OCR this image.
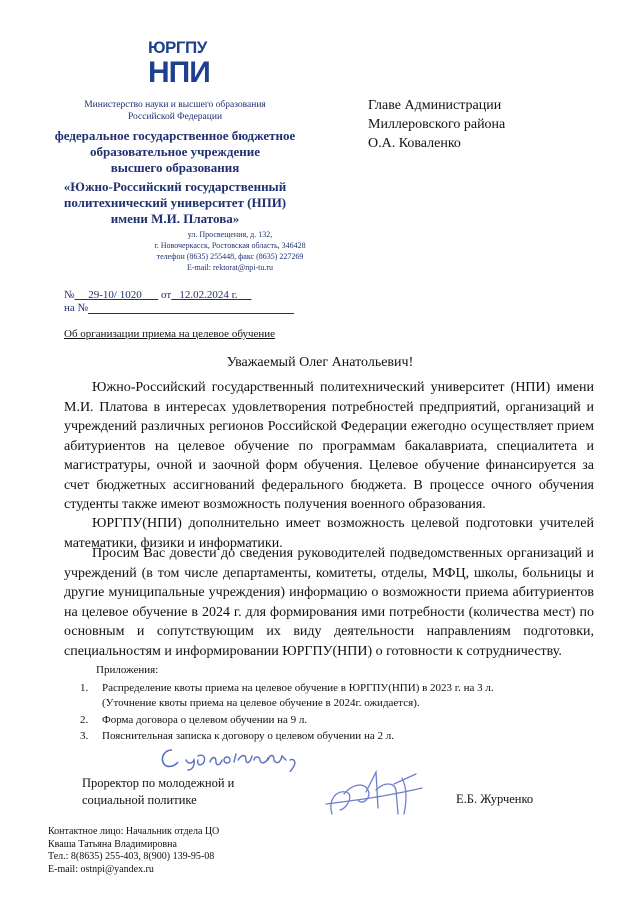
ЮРГПУ
НПИ
Министерство науки и высшего образования
Российской Федерации
федеральное государственное бюджетное
образовательное учреждение
высшего образования
«Южно-Российский государственный
политехнический университет (НПИ)
имени М.И. Платова»
ул. Просвещения, д. 132,
г. Новочеркасск, Ростовская область, 346428
телефон (8635) 255448, факс (8635) 227269
E-mail: rektorat@npi-tu.ru
Главе Администрации
Миллеровского района
О.А. Коваленко
№ 29-10/ 1020 от 12.02.2024 г.
на №
Об организации приема на целевое обучение
Уважаемый Олег Анатольевич!

Южно-Российский государственный политехнический университет (НПИ) имени М.И. Платова в интересах удовлетворения потребностей предприятий, организаций и учреждений различных регионов Российской Федерации ежегодно осуществляет прием абитуриентов на целевое обучение по программам бакалавриата, специалитета и магистратуры, очной и заочной форм обучения. Целевое обучение финансируется за счет бюджетных ассигнований федерального бюджета. В процессе очного обучения студенты также имеют возможность получения военного образования.

ЮРГПУ(НПИ) дополнительно имеет возможность целевой подготовки учителей математики, физики и информатики.

Просим Вас довести до сведения руководителей подведомственных организаций и учреждений (в том числе департаменты, комитеты, отделы, МФЦ, школы, больницы и другие муниципальные учреждения) информацию о возможности приема абитуриентов на целевое обучение в 2024 г. для формирования ими потребности (количества мест) по основным и сопутствующим их виду деятельности направлениям подготовки, специальностям и информировании ЮРГПУ(НПИ) о готовности к сотрудничеству.

Приложения:
1. Распределение квоты приема на целевое обучение в ЮРГПУ(НПИ) в 2023 г. на 3 л.
(Уточнение квоты приема на целевое обучение в 2024г. ожидается).
2. Форма договора о целевом обучении на 9 л.
3. Пояснительная записка к договору о целевом обучении на 2 л.
Проректор по молодежной и
социальной политике	Е.Б. Журченко
Контактное лицо: Начальник отдела ЦО
Кваша Татьяна Владимировна
Тел.: 8(8635) 255-403, 8(900) 139-95-08
E-mail: ostnpi@yandex.ru
